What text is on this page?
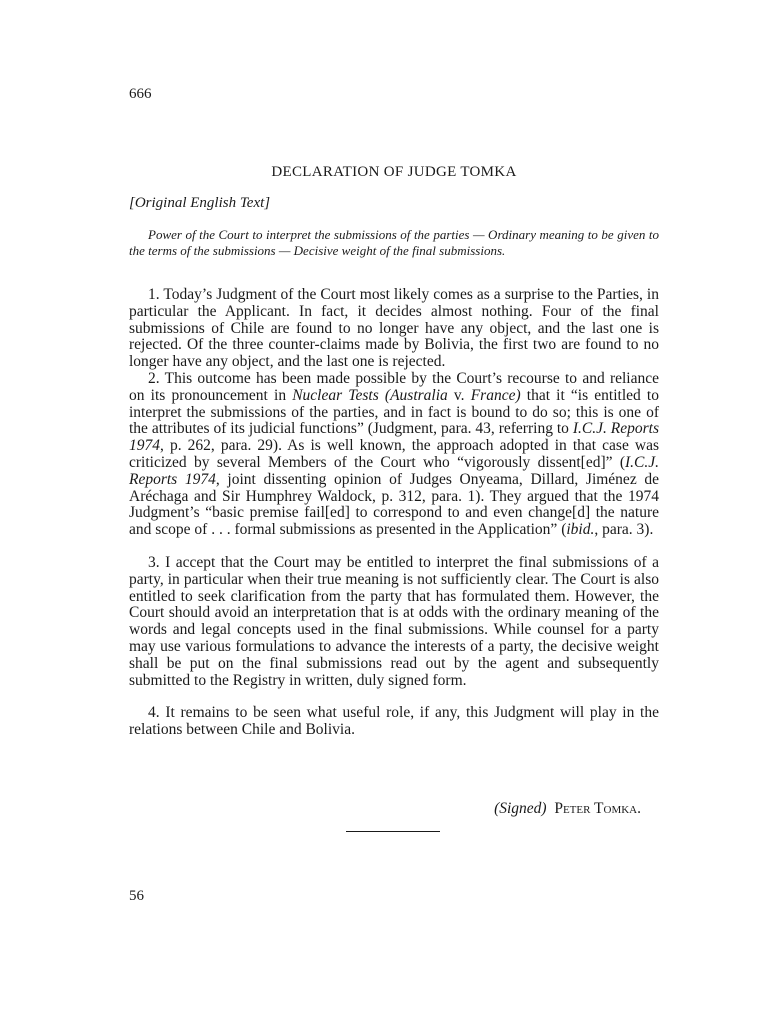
666
DECLARATION OF JUDGE TOMKA
[Original English Text]

Power of the Court to interpret the submissions of the parties — Ordinary meaning to be given to the terms of the submissions — Decisive weight of the final submissions.

1. Today’s Judgment of the Court most likely comes as a surprise to the Parties, in particular the Applicant. In fact, it decides almost nothing. Four of the final submissions of Chile are found to no longer have any object, and the last one is rejected. Of the three counter-claims made by Bolivia, the first two are found to no longer have any object, and the last one is rejected.

2. This outcome has been made possible by the Court’s recourse to and reliance on its pronouncement in Nuclear Tests (Australia v. France) that it “is entitled to interpret the submissions of the parties, and in fact is bound to do so; this is one of the attributes of its judicial functions” (Judgment, para. 43, referring to I.C.J. Reports 1974, p. 262, para. 29). As is well known, the approach adopted in that case was criticized by several Members of the Court who “vigorously dissent[ed]” (I.C.J. Reports 1974, joint dissenting opinion of Judges Onyeama, Dillard, Jiménez de Aréchaga and Sir Humphrey Waldock, p. 312, para. 1). They argued that the 1974 Judgment’s “basic premise fail[ed] to correspond to and even change[d] the nature and scope of . . . formal submissions as presented in the Application” (ibid., para. 3).

3. I accept that the Court may be entitled to interpret the final submissions of a party, in particular when their true meaning is not sufficiently clear. The Court is also entitled to seek clarification from the party that has formulated them. However, the Court should avoid an interpretation that is at odds with the ordinary meaning of the words and legal concepts used in the final submissions. While counsel for a party may use various formulations to advance the interests of a party, the decisive weight shall be put on the final submissions read out by the agent and subsequently submitted to the Registry in written, duly signed form.

4. It remains to be seen what useful role, if any, this Judgment will play in the relations between Chile and Bolivia.

(Signed) Peter Tomka.
56
